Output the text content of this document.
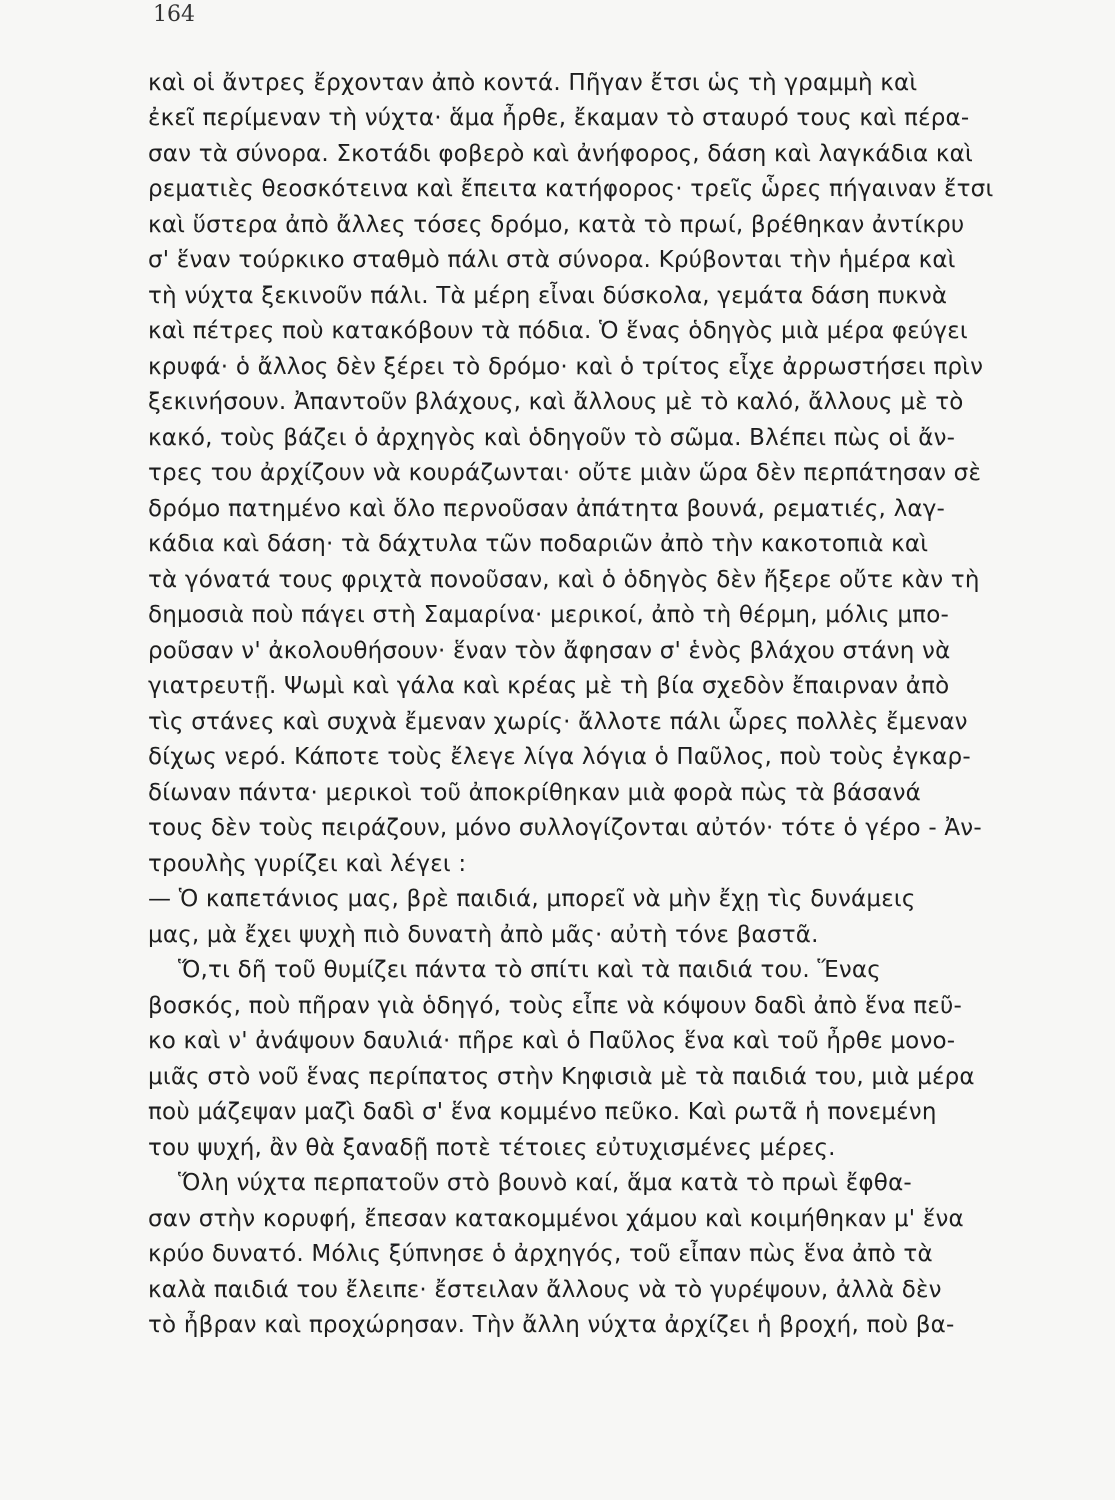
164
καὶ οἱ ἄντρες ἔρχονταν ἀπὸ κοντά. Πῆγαν ἔτσι ὡς τὴ γραμμὴ καὶ
ἐκεῖ περίμεναν τὴ νύχτα· ἅμα ἦρθε, ἔκαμαν τὸ σταυρό τους καὶ πέρα-
σαν τὰ σύνορα. Σκοτάδι φοβερὸ καὶ ἀνήφορος, δάση καὶ λαγκάδια καὶ
ρεματιὲς θεοσκότεινα καὶ ἔπειτα κατήφορος· τρεῖς ὧρες πήγαιναν ἔτσι
καὶ ὕστερα ἀπὸ ἄλλες τόσες δρόμο, κατὰ τὸ πρωί, βρέθηκαν ἀντίκρυ
σ' ἕναν τούρκικο σταθμὸ πάλι στὰ σύνορα. Κρύβονται τὴν ἡμέρα καὶ
τὴ νύχτα ξεκινοῦν πάλι. Τὰ μέρη εἶναι δύσκολα, γεμάτα δάση πυκνὰ
καὶ πέτρες ποὺ κατακόβουν τὰ πόδια. Ὁ ἕνας ὁδηγὸς μιὰ μέρα φεύγει
κρυφά· ὁ ἄλλος δὲν ξέρει τὸ δρόμο· καὶ ὁ τρίτος εἶχε ἀρρωστήσει πρὶν
ξεκινήσουν. Ἀπαντοῦν βλάχους, καὶ ἄλλους μὲ τὸ καλό, ἄλλους μὲ τὸ
κακό, τοὺς βάζει ὁ ἀρχηγὸς καὶ ὁδηγοῦν τὸ σῶμα. Βλέπει πὼς οἱ ἄν-
τρες του ἀρχίζουν νὰ κουράζωνται· οὔτε μιὰν ὥρα δὲν περπάτησαν σὲ
δρόμο πατημένο καὶ ὅλο περνοῦσαν ἀπάτητα βουνά, ρεματιές, λαγ-
κάδια καὶ δάση· τὰ δάχτυλα τῶν ποδαριῶν ἀπὸ τὴν κακοτοπιὰ καὶ
τὰ γόνατά τους φριχτὰ πονοῦσαν, καὶ ὁ ὁδηγὸς δὲν ἤξερε οὔτε κὰν τὴ
δημοσιὰ ποὺ πάγει στὴ Σαμαρίνα· μερικοί, ἀπὸ τὴ θέρμη, μόλις μπο-
ροῦσαν ν' ἀκολουθήσουν· ἕναν τὸν ἄφησαν σ' ἑνὸς βλάχου στάνη νὰ
γιατρευτῇ. Ψωμὶ καὶ γάλα καὶ κρέας μὲ τὴ βία σχεδὸν ἔπαιρναν ἀπὸ
τὶς στάνες καὶ συχνὰ ἔμεναν χωρίς· ἄλλοτε πάλι ὧρες πολλὲς ἔμεναν
δίχως νερό. Κάποτε τοὺς ἔλεγε λίγα λόγια ὁ Παῦλος, ποὺ τοὺς ἐγκαρ-
δίωναν πάντα· μερικοὶ τοῦ ἀποκρίθηκαν μιὰ φορὰ πὼς τὰ βάσανά
τους δὲν τοὺς πειράζουν, μόνο συλλογίζονται αὐτόν· τότε ὁ γέρο - Ἀν-
τρουλὴς γυρίζει καὶ λέγει :
— Ὁ καπετάνιος μας, βρὲ παιδιά, μπορεῖ νὰ μὴν ἔχῃ τὶς δυνάμεις
μας, μὰ ἔχει ψυχὴ πιὸ δυνατὴ ἀπὸ μᾶς· αὐτὴ τόνε βαστᾶ.
Ὅ,τι δῆ τοῦ θυμίζει πάντα τὸ σπίτι καὶ τὰ παιδιά του. Ἕνας
βοσκός, ποὺ πῆραν γιὰ ὁδηγό, τοὺς εἶπε νὰ κόψουν δαδὶ ἀπὸ ἕνα πεῦ-
κο καὶ ν' ἀνάψουν δαυλιά· πῆρε καὶ ὁ Παῦλος ἕνα καὶ τοῦ ἦρθε μονο-
μιᾶς στὸ νοῦ ἕνας περίπατος στὴν Κηφισιὰ μὲ τὰ παιδιά του, μιὰ μέρα
ποὺ μάζεψαν μαζὶ δαδὶ σ' ἕνα κομμένο πεῦκο. Καὶ ρωτᾶ ἡ πονεμένη
του ψυχή, ἂν θὰ ξαναδῇ ποτὲ τέτοιες εὐτυχισμένες μέρες.
Ὅλη νύχτα περπατοῦν στὸ βουνὸ καί, ἅμα κατὰ τὸ πρωὶ ἔφθα-
σαν στὴν κορυφή, ἔπεσαν κατακομμένοι χάμου καὶ κοιμήθηκαν μ' ἕνα
κρύο δυνατό. Μόλις ξύπνησε ὁ ἀρχηγός, τοῦ εἶπαν πὼς ἕνα ἀπὸ τὰ
καλὰ παιδιά του ἔλειπε· ἔστειλαν ἄλλους νὰ τὸ γυρέψουν, ἀλλὰ δὲν
τὸ ἦβραν καὶ προχώρησαν. Τὴν ἄλλη νύχτα ἀρχίζει ἡ βροχή, ποὺ βα-
